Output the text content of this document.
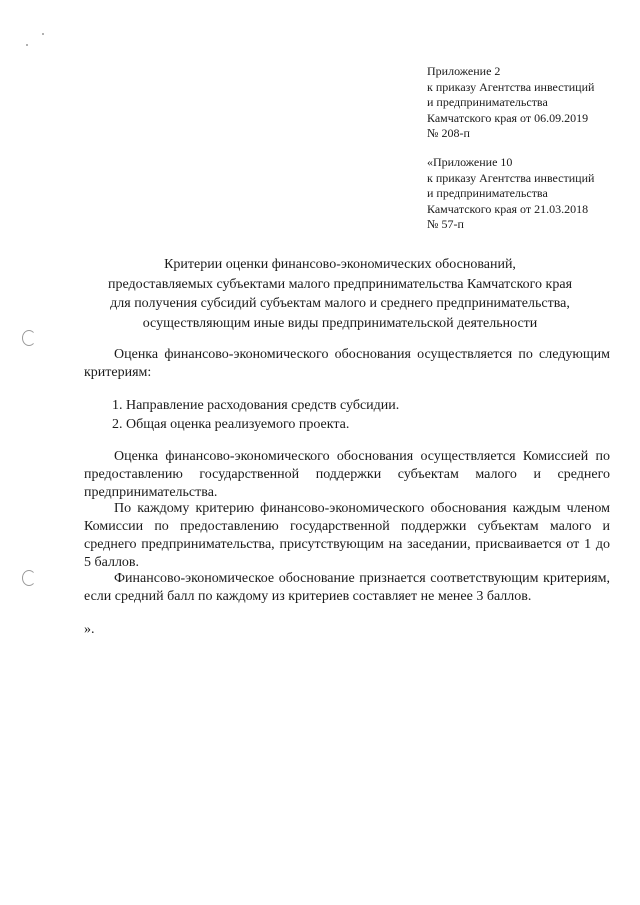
Приложение 2
к приказу Агентства инвестиций
и предпринимательства
Камчатского края от 06.09.2019
№ 208-п
«Приложение 10
к приказу Агентства инвестиций
и предпринимательства
Камчатского края от 21.03.2018
№ 57-п
Критерии оценки финансово-экономических обоснований,
предоставляемых субъектами малого предпринимательства Камчатского края
для получения субсидий субъектам малого и среднего предпринимательства,
осуществляющим иные виды предпринимательской деятельности

Оценка финансово-экономического обоснования осуществляется по следующим критериям:

1. Направление расходования средств субсидии.
2. Общая оценка реализуемого проекта.

Оценка финансово-экономического обоснования осуществляется Комиссией по предоставлению государственной поддержки субъектам малого и среднего предпринимательства.

По каждому критерию финансово-экономического обоснования каждым членом Комиссии по предоставлению государственной поддержки субъектам малого и среднего предпринимательства, присутствующим на заседании, присваивается от 1 до 5 баллов.

Финансово-экономическое обоснование признается соответствующим критериям, если средний балл по каждому из критериев составляет не менее 3 баллов.

».
